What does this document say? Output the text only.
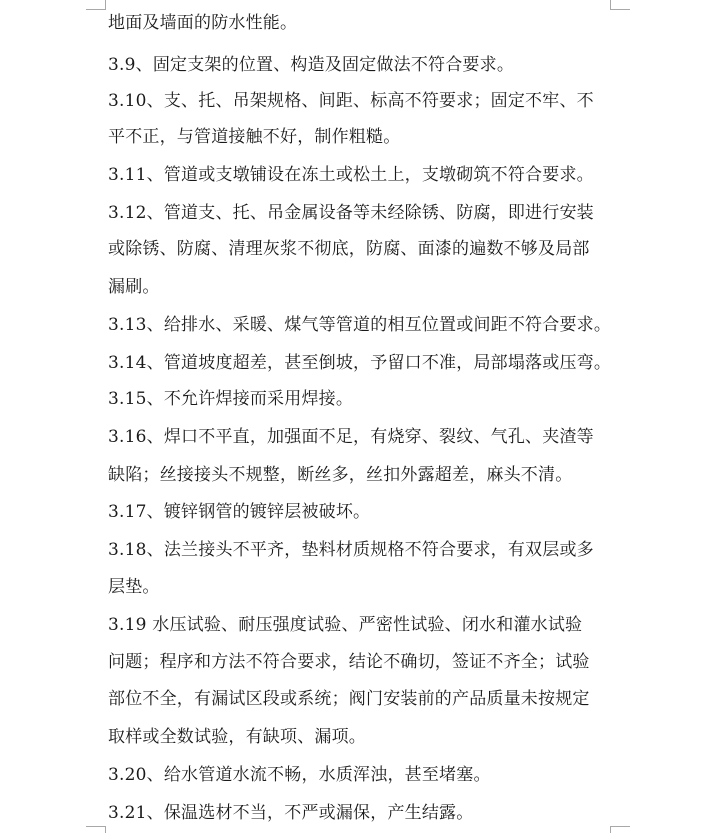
地面及墙面的防水性能。
3.9、固定支架的位置、构造及固定做法不符合要求。
3.10、支、托、吊架规格、间距、标高不符要求；固定不牢、不
平不正，与管道接触不好，制作粗糙。
3.11、管道或支墩铺设在冻土或松土上，支墩砌筑不符合要求。
3.12、管道支、托、吊金属设备等未经除锈、防腐，即进行安装
或除锈、防腐、清理灰浆不彻底，防腐、面漆的遍数不够及局部
漏刷。
3.13、给排水、采暖、煤气等管道的相互位置或间距不符合要求。
3.14、管道坡度超差，甚至倒坡，予留口不准，局部塌落或压弯。
3.15、不允许焊接而采用焊接。
3.16、焊口不平直，加强面不足，有烧穿、裂纹、气孔、夹渣等
缺陷；丝接接头不规整，断丝多，丝扣外露超差，麻头不清。
3.17、镀锌钢管的镀锌层被破坏。
3.18、法兰接头不平齐，垫料材质规格不符合要求，有双层或多
层垫。
3.19 水压试验、耐压强度试验、严密性试验、闭水和灌水试验
问题；程序和方法不符合要求，结论不确切，签证不齐全；试验
部位不全，有漏试区段或系统；阀门安装前的产品质量未按规定
取样或全数试验，有缺项、漏项。
3.20、给水管道水流不畅，水质浑浊，甚至堵塞。
3.21、保温选材不当，不严或漏保，产生结露。
